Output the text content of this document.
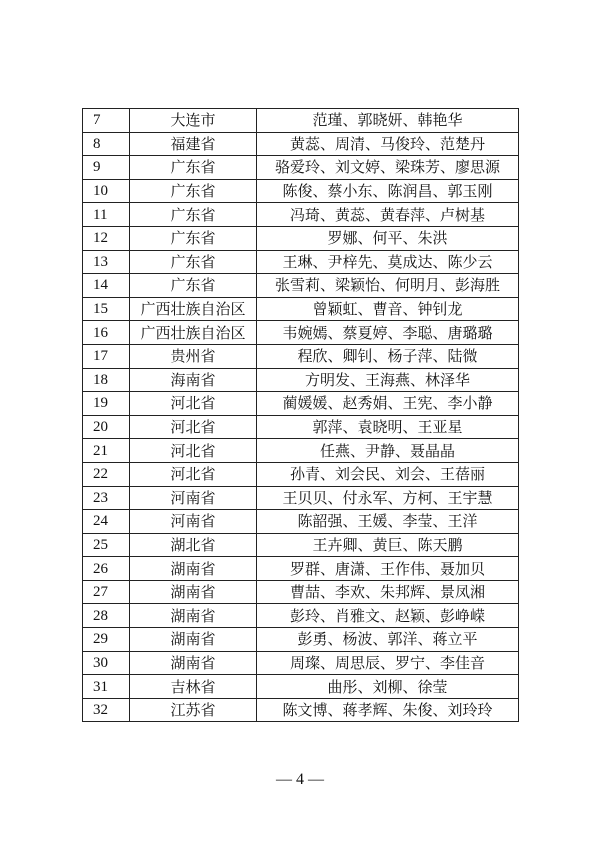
7	大连市	范瑾、郭晓妍、韩艳华
8	福建省	黄蕊、周清、马俊玲、范楚丹
9	广东省	骆爱玲、刘文婷、梁珠芳、廖思源
10	广东省	陈俊、蔡小东、陈润昌、郭玉刚
11	广东省	冯琦、黄蕊、黄春萍、卢树基
12	广东省	罗娜、何平、朱洪
13	广东省	王琳、尹梓先、莫成达、陈少云
14	广东省	张雪莉、梁颖怡、何明月、彭海胜
15	广西壮族自治区	曾颖虹、曹音、钟钊龙
16	广西壮族自治区	韦婉嫣、蔡夏婷、李聪、唐璐璐
17	贵州省	程欣、卿钊、杨子萍、陆微
18	海南省	方明发、王海燕、林泽华
19	河北省	蔺媛媛、赵秀娟、王宪、李小静
20	河北省	郭萍、袁晓明、王亚星
21	河北省	任燕、尹静、聂晶晶
22	河北省	孙青、刘会民、刘会、王蓓丽
23	河南省	王贝贝、付永军、方柯、王宇慧
24	河南省	陈韶强、王媛、李莹、王洋
25	湖北省	王卉卿、黄巨、陈天鹏
26	湖南省	罗群、唐潇、王作伟、聂加贝
27	湖南省	曹喆、李欢、朱邦辉、景凤湘
28	湖南省	彭玲、肖雅文、赵颖、彭峥嵘
29	湖南省	彭勇、杨波、郭洋、蒋立平
30	湖南省	周璨、周思辰、罗宁、李佳音
31	吉林省	曲彤、刘柳、徐莹
32	江苏省	陈文博、蒋孝辉、朱俊、刘玲玲
— 4 —
